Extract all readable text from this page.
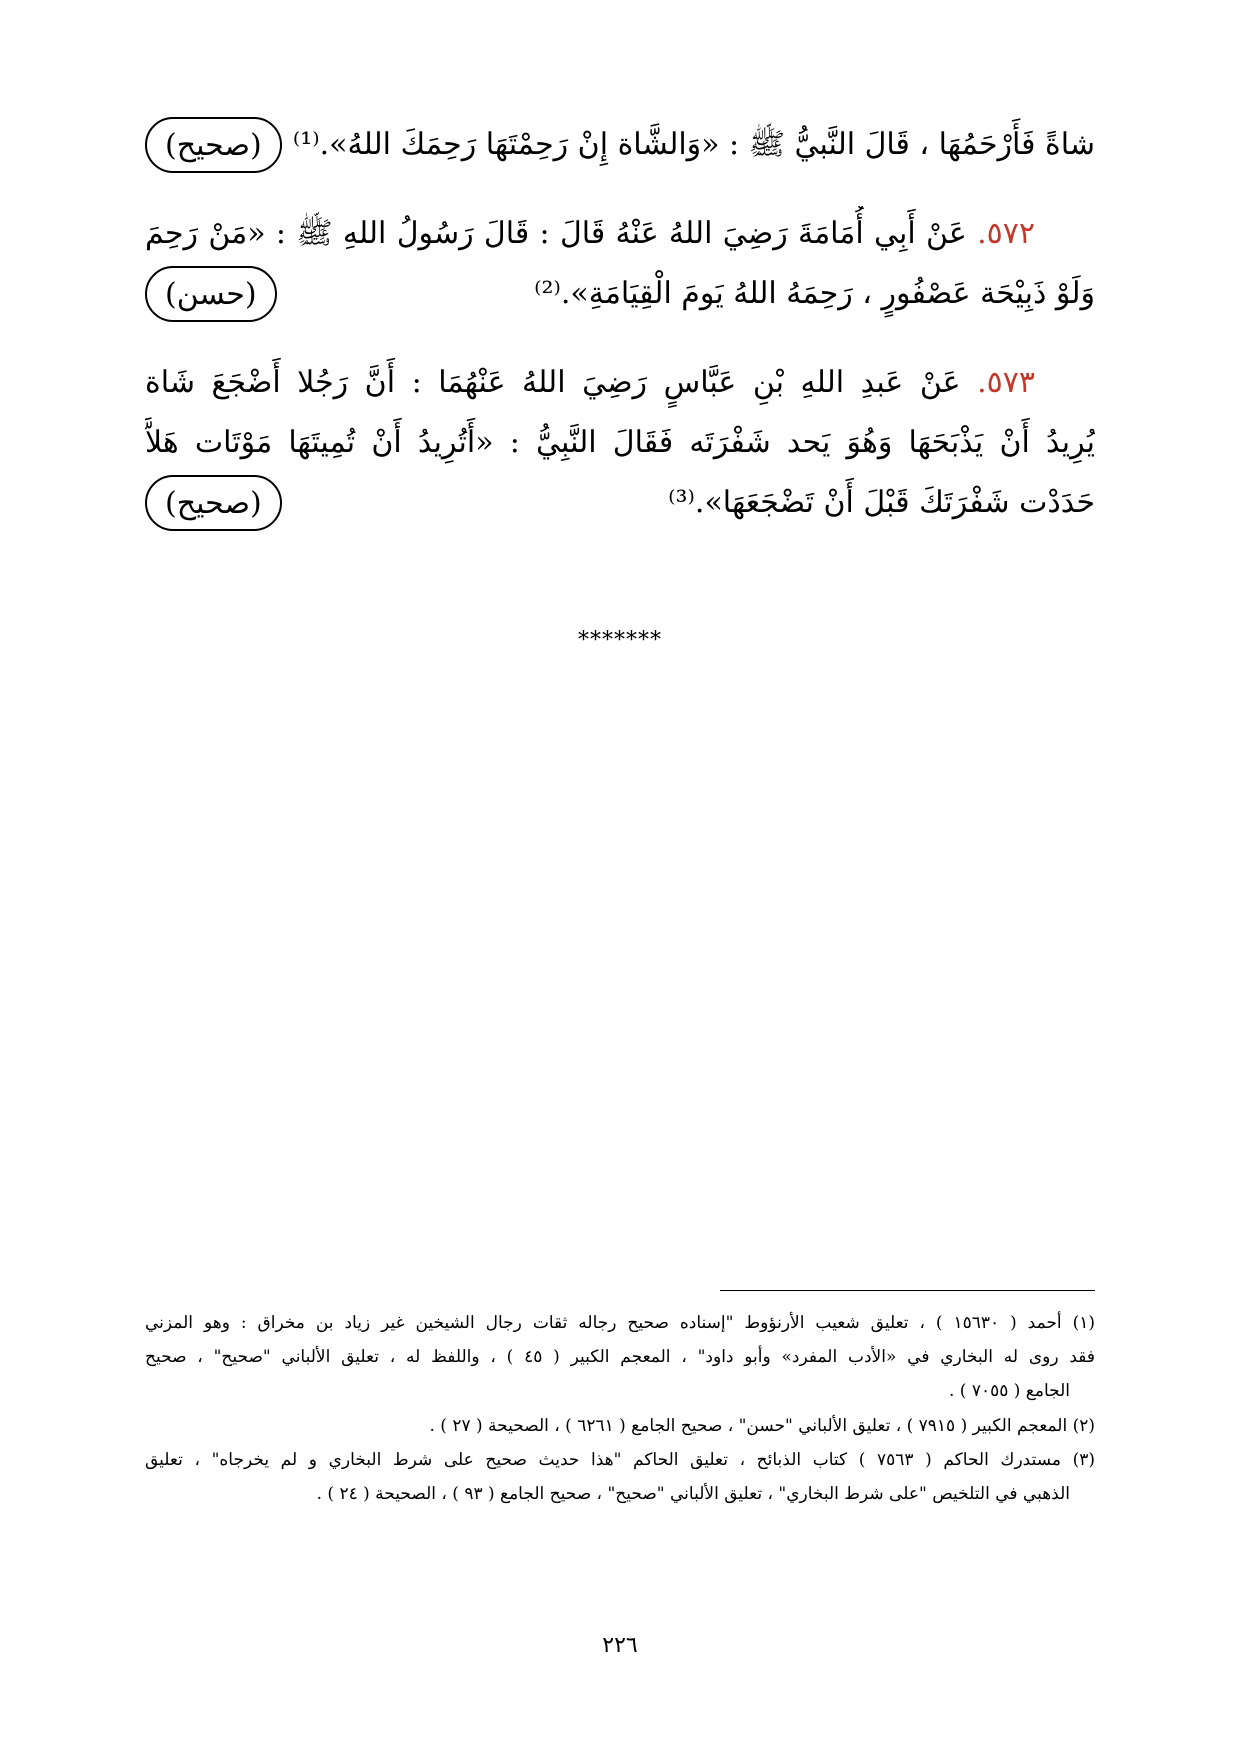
شاةً فَأَرْحَمُهَا ، قَالَ النَّبيُّ ﷺ : «وَالشَّاة إِنْ رَحِمْتَهَا رَحِمَكَ اللهُ».⁽¹⁾
(صحيح)
٥٧٢. عَنْ أَبِي أُمَامَةَ رَضِيَ اللهُ عَنْهُ قَالَ : قَالَ رَسُولُ اللهِ ﷺ : «مَنْ رَحِمَ
وَلَوْ ذَبِيْحَة عَصْفُورٍ ، رَحِمَهُ اللهُ يَومَ الْقِيَامَةِ».⁽²⁾
(حسن)
٥٧٣. عَنْ عَبدِ اللهِ بْنِ عَبَّاسٍ رَضِيَ اللهُ عَنْهُمَا : أَنَّ رَجُلا أَضْجَعَ شَاة
يُرِيدُ أَنْ يَذْبَحَهَا وَهُوَ يَحد شَفْرَتَه فَقَالَ النَّبِيُّ : «أَتُرِيدُ أَنْ تُمِيتَهَا مَوْتَات هَلاَّ
حَدَدْت شَفْرَتَكَ قَبْلَ أَنْ تَضْجَعَهَا».⁽³⁾
(صحيح)
*******
(١) أحمد ( ١٥٦٣٠ ) ، تعليق شعيب الأرنؤوط "إسناده صحيح رجاله ثقات رجال الشيخين غير زياد بن مخراق : وهو المزني
فقد روى له البخاري في «الأدب المفرد» وأبو داود" ، المعجم الكبير ( ٤٥ ) ، واللفظ له ، تعليق الألباني "صحيح" ، صحيح
الجامع ( ٧٠٥٥ ) .
(٢) المعجم الكبير ( ٧٩١٥ ) ، تعليق الألباني "حسن" ، صحيح الجامع ( ٦٢٦١ ) ، الصحيحة ( ٢٧ ) .
(٣) مستدرك الحاكم ( ٧٥٦٣ ) كتاب الذبائح ، تعليق الحاكم "هذا حديث صحيح على شرط البخاري و لم يخرجاه" ، تعليق
الذهبي في التلخيص "على شرط البخاري" ، تعليق الألباني "صحيح" ، صحيح الجامع ( ٩٣ ) ، الصحيحة ( ٢٤ ) .
٢٢٦
